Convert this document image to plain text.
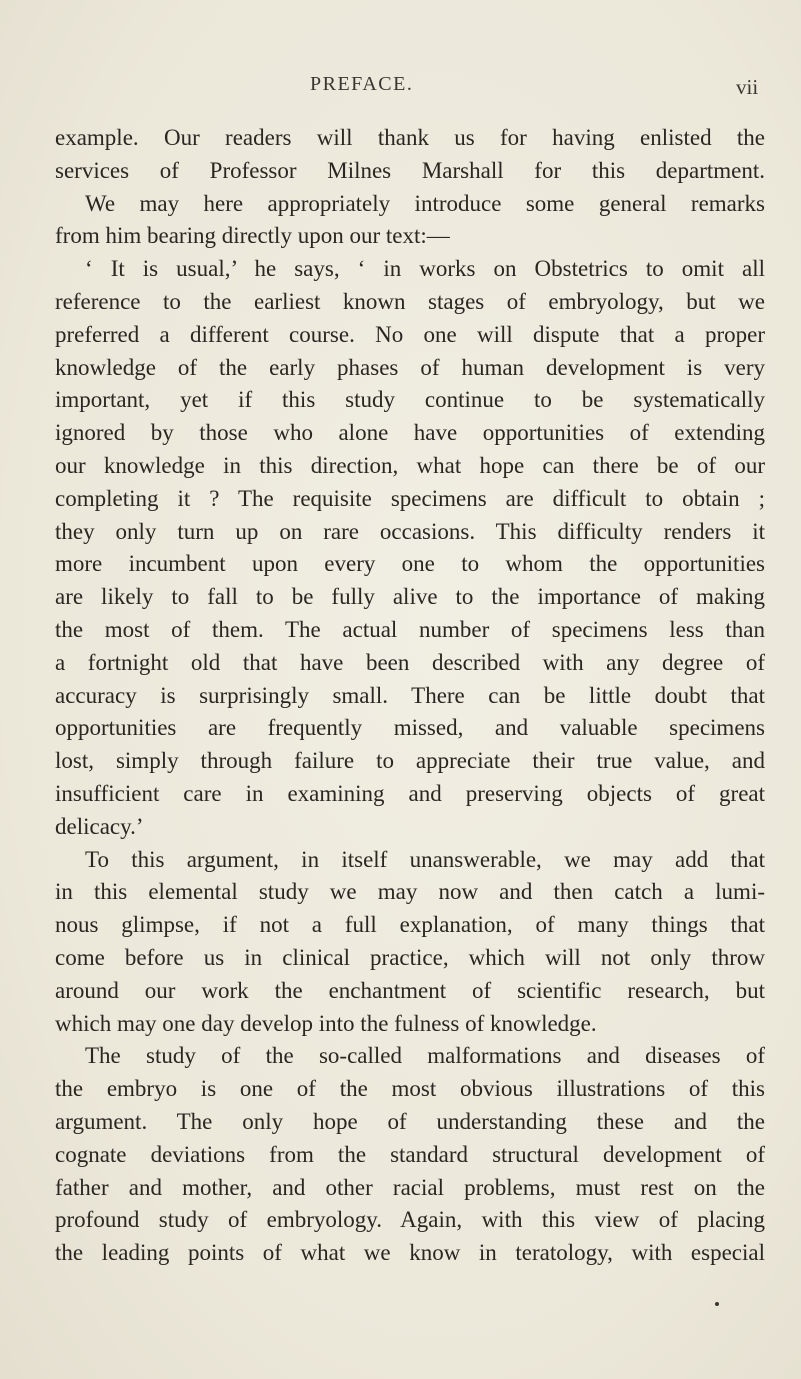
PREFACE.	vii
example. Our readers will thank us for having enlisted the
services of Professor Milnes Marshall for this department.
We may here appropriately introduce some general remarks
from him bearing directly upon our text:—
‘ It is usual,’ he says, ‘ in works on Obstetrics to omit all
reference to the earliest known stages of embryology, but we
preferred a different course. No one will dispute that a proper
knowledge of the early phases of human development is very
important, yet if this study continue to be systematically
ignored by those who alone have opportunities of extending
our knowledge in this direction, what hope can there be of our
completing it ? The requisite specimens are difficult to obtain ;
they only turn up on rare occasions. This difficulty renders it
more incumbent upon every one to whom the opportunities
are likely to fall to be fully alive to the importance of making
the most of them. The actual number of specimens less than
a fortnight old that have been described with any degree of
accuracy is surprisingly small. There can be little doubt that
opportunities are frequently missed, and valuable specimens
lost, simply through failure to appreciate their true value, and
insufficient care in examining and preserving objects of great
delicacy.’
To this argument, in itself unanswerable, we may add that
in this elemental study we may now and then catch a lumi-
nous glimpse, if not a full explanation, of many things that
come before us in clinical practice, which will not only throw
around our work the enchantment of scientific research, but
which may one day develop into the fulness of knowledge.
The study of the so-called malformations and diseases of
the embryo is one of the most obvious illustrations of this
argument. The only hope of understanding these and the
cognate deviations from the standard structural development of
father and mother, and other racial problems, must rest on the
profound study of embryology. Again, with this view of placing
the leading points of what we know in teratology, with especial
